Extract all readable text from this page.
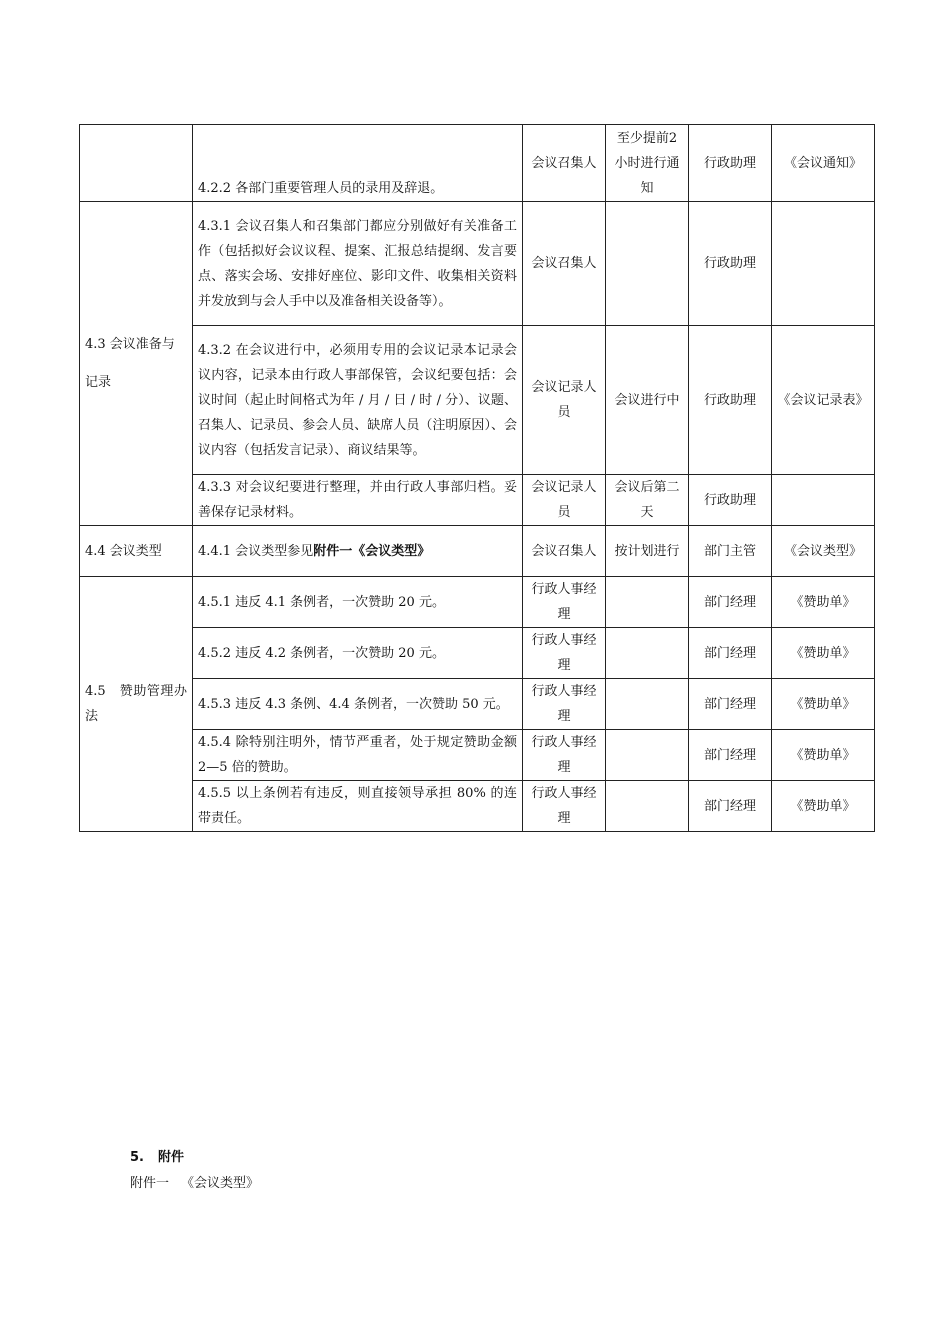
	4.2.2 各部门重要管理人员的录用及辞退。	会议召集人	至少提前2小时进行通知	行政助理	《会议通知》
4.3 会议准备与
记录	4.3.1 会议召集人和召集部门都应分别做好有关准备工作（包括拟好会议议程、提案、汇报总结提纲、发言要点、落实会场、安排好座位、影印文件、收集相关资料并发放到与会人手中以及准备相关设备等）。	会议召集人		行政助理	
	4.3.2 在会议进行中，必须用专用的会议记录本记录会议内容，记录本由行政人事部保管，会议纪要包括：会议时间（起止时间格式为年 / 月 / 日 / 时 / 分）、议题、召集人、记录员、参会人员、缺席人员（注明原因）、会议内容（包括发言记录）、商议结果等。	会议记录人员	会议进行中	行政助理	《会议记录表》
	4.3.3 对会议纪要进行整理，并由行政人事部归档。妥善保存记录材料。	会议记录人员	会议后第二天	行政助理	
4.4 会议类型	4.4.1 会议类型参见附件一《会议类型》	会议召集人	按计划进行	部门主管	《会议类型》
4.5　赞助管理办法	4.5.1 违反 4.1 条例者，一次赞助 20 元。	行政人事经理		部门经理	《赞助单》
	4.5.2 违反 4.2 条例者，一次赞助 20 元。	行政人事经理		部门经理	《赞助单》
	4.5.3 违反 4.3 条例、4.4 条例者，一次赞助 50 元。	行政人事经理		部门经理	《赞助单》
	4.5.4 除特别注明外，情节严重者，处于规定赞助金额 2—5 倍的赞助。	行政人事经理		部门经理	《赞助单》
	4.5.5 以上条例若有违反，则直接领导承担 80% 的连带责任。	行政人事经理		部门经理	《赞助单》
5. 附件
附件一 《会议类型》
